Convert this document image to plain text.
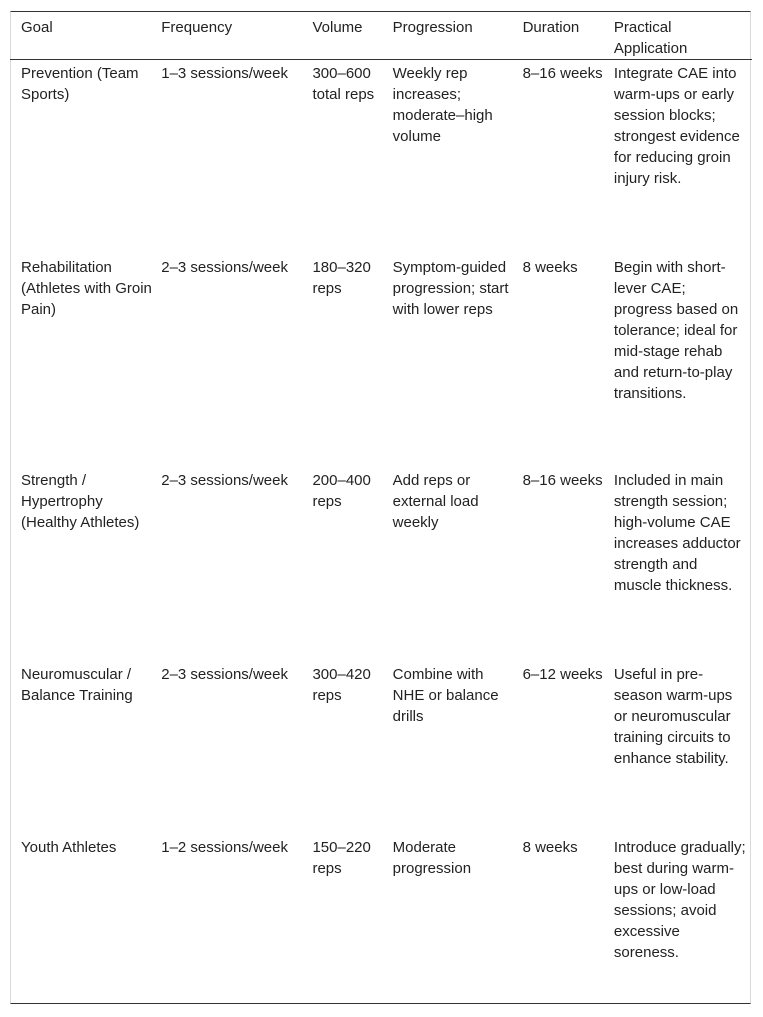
Goal	Frequency	Volume	Progression	Duration	Practical Application

Prevention (Team Sports)	1–3 sessions/week	300–600 total reps	Weekly rep increases; moderate–high volume	8–16 weeks	Integrate CAE into warm-ups or early session blocks; strongest evidence for reducing groin injury risk.

Rehabilitation (Athletes with Groin Pain)	2–3 sessions/week	180–320 reps	Symptom-guided progression; start with lower reps	8 weeks	Begin with short-lever CAE; progress based on tolerance; ideal for mid-stage rehab and return-to-play transitions.

Strength / Hypertrophy (Healthy Athletes)	2–3 sessions/week	200–400 reps	Add reps or external load weekly	8–16 weeks	Included in main strength session; high-volume CAE increases adductor strength and muscle thickness.

Neuromuscular / Balance Training	2–3 sessions/week	300–420 reps	Combine with NHE or balance drills	6–12 weeks	Useful in pre-season warm-ups or neuromuscular training circuits to enhance stability.

Youth Athletes	1–2 sessions/week	150–220 reps	Moderate progression	8 weeks	Introduce gradually; best during warm-ups or low-load sessions; avoid excessive soreness.
